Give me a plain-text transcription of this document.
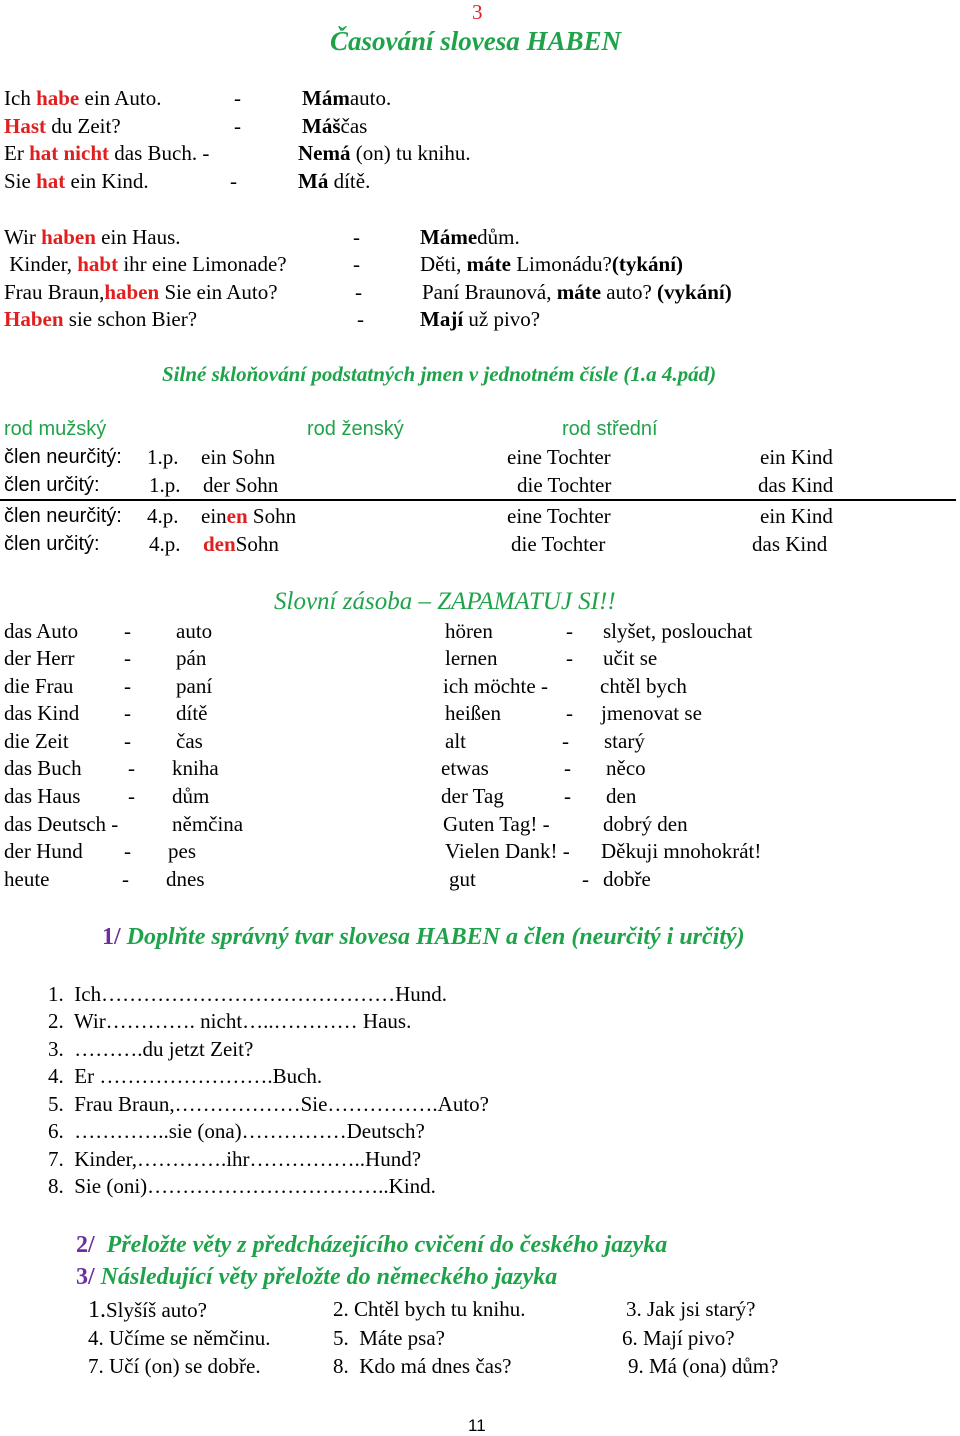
3
Časování slovesa HABEN
Ich habe ein Auto.	-	Mámauto.
Hast du Zeit?	-	Máščas
Er hat nicht das Buch. -	Nemá (on) tu knihu.
Sie hat ein Kind.	-	Má dítě.
Wir haben ein Haus.	-	Mámedům.
Kinder, habt ihr eine Limonade?	-	Děti, máte Limonádu?(tykání)
Frau Braun,haben Sie ein Auto?	-	Paní Braunová, máte auto? (vykání)
Haben sie schon Bier?	-	Mají už pivo?
Silné skloňování podstatných jmen v jednotném čísle (1.a 4.pád)
rod mužský	rod ženský	rod střední
člen neurčitý: 1.p. ein Sohn	eine Tochter	ein Kind
člen určitý: 1.p. der Sohn	die Tochter	das Kind
člen neurčitý: 4.p. einen Sohn	eine Tochter	ein Kind
člen určitý: 4.p. denSohn	die Tochter	das Kind
Slovní zásoba – ZAPAMATUJ SI!!
das Auto - auto
der Herr - pán
die Frau - paní
das Kind - dítě
die Zeit	- čas
das Buch - kniha
das Haus - dům
das Deutsch -	němčina
der Hund - pes
heute	- dnes
hören	- slyšet, poslouchat
lernen	- učit se
ich möchte - chtěl bych
heißen	- jmenovat se
alt	- starý
etwas	- něco
der Tag	- den
Guten Tag! -	dobrý den
Vielen Dank! - Děkuji mnohokrát!
gut	- dobře
1/ Doplňte správný tvar slovesa HABEN a člen (neurčitý i určitý)
1. Ich……………………………………Hund.
2. Wir…………. nicht…..………… Haus.
3. ……….du jetzt Zeit?
4. Er …………………….Buch.
5. Frau Braun,………………Sie…………….Auto?
6. …………..sie (ona)……………Deutsch?
7. Kinder,………….ihr……………..Hund?
8. Sie (oni)……………………………..Kind.
2/  Přeložte věty z předcházejícího cvičení do českého jazyka
3/ Následující věty přeložte do německého jazyka
1.Slyšíš auto?	2. Chtěl bych tu knihu.	3. Jak jsi starý?
4. Učíme se němčinu.	5.  Máte psa?	6. Mají pivo?
7. Učí (on) se dobře.	8.  Kdo má dnes čas?	9. Má (ona) dům?
11
